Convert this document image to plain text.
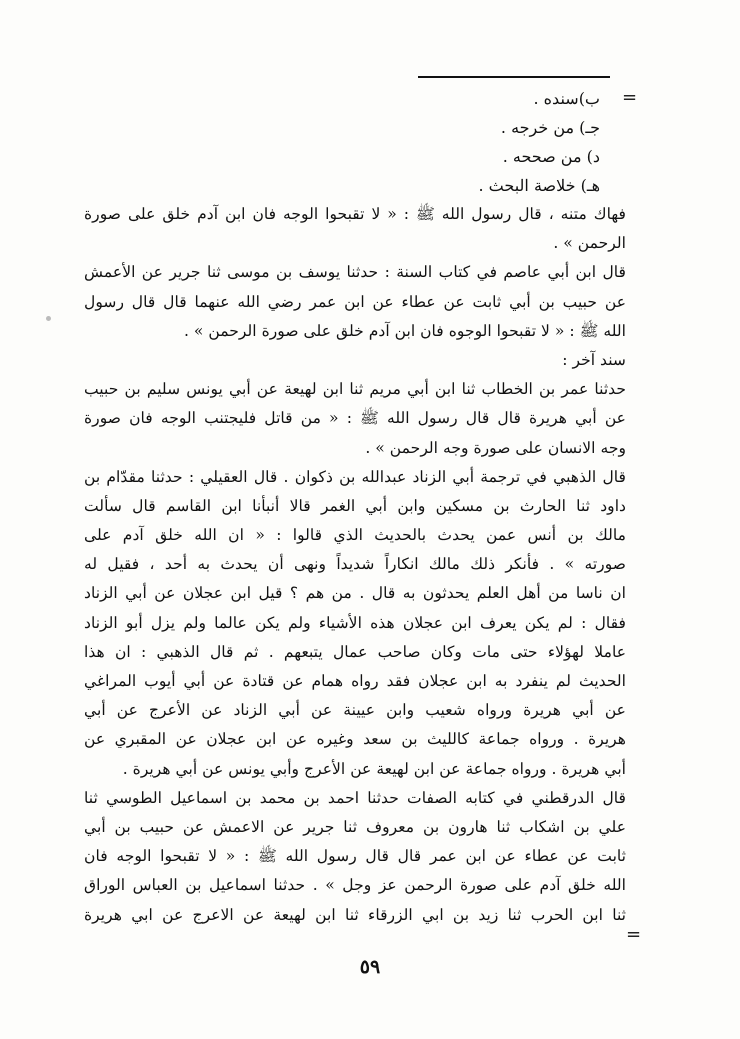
=
ب)سنده .
جـ) من خرجه .
د) من صححه .
هـ) خلاصة البحث .
فهاك متنه ، قال رسول الله ﷺ : « لا تقبحوا الوجه فان ابن آدم خلق على صورة
الرحمن » .
قال ابن أبي عاصم في كتاب السنة : حدثنا يوسف بن موسى ثنا جرير عن الأعمش
عن حبيب بن أبي ثابت عن عطاء عن ابن عمر رضي الله عنهما قال قال رسول
الله ﷺ : « لا تقبحوا الوجوه فان ابن آدم خلق على صورة الرحمن » .
سند آخر :
حدثنا عمر بن الخطاب ثنا ابن أبي مريم ثنا ابن لهيعة عن أبي يونس سليم بن حبيب
عن أبي هريرة قال قال رسول الله ﷺ : « من قاتل فليجتنب الوجه فان صورة
وجه الانسان على صورة وجه الرحمن » .
قال الذهبي في ترجمة أبي الزناد عبدالله بن ذكوان . قال العقيلي : حدثنا مقدّام بن
داود ثنا الحارث بن مسكين وابن أبي الغمر قالا أنبأنا ابن القاسم قال سألت
مالك بن أنس عمن يحدث بالحديث الذي قالوا : « ان الله خلق آدم على
صورته » . فأنكر ذلك مالك انكاراً شديداً ونهى أن يحدث به أحد ، فقيل له
ان ناسا من أهل العلم يحدثون به قال . من هم ؟ قيل ابن عجلان عن أبي الزناد
فقال : لم يكن يعرف ابن عجلان هذه الأشياء ولم يكن عالما ولم يزل أبو الزناد
عاملا لهؤلاء حتى مات وكان صاحب عمال يتبعهم . ثم قال الذهبي : ان هذا
الحديث لم ينفرد به ابن عجلان فقد رواه همام عن قتادة عن أبي أيوب المراغي
عن أبي هريرة ورواه شعيب وابن عيينة عن أبي الزناد عن الأعرج عن أبي
هريرة . ورواه جماعة كالليث بن سعد وغيره عن ابن عجلان عن المقبري عن
أبي هريرة . ورواه جماعة عن ابن لهيعة عن الأعرج وأبي يونس عن أبي هريرة .
قال الدرقطني في كتابه الصفات حدثنا احمد بن محمد بن اسماعيل الطوسي ثنا
علي بن اشكاب ثنا هارون بن معروف ثنا جرير عن الاعمش عن حبيب بن أبي
ثابت عن عطاء عن ابن عمر قال قال رسول الله ﷺ : « لا تقبحوا الوجه فان
الله خلق آدم على صورة الرحمن عز وجل » . حدثنا اسماعيل بن العباس الوراق
ثنا ابن الحرب ثنا زيد بن ابي الزرقاء ثنا ابن لهيعة عن الاعرج عن ابي هريرة
=
٥٩
